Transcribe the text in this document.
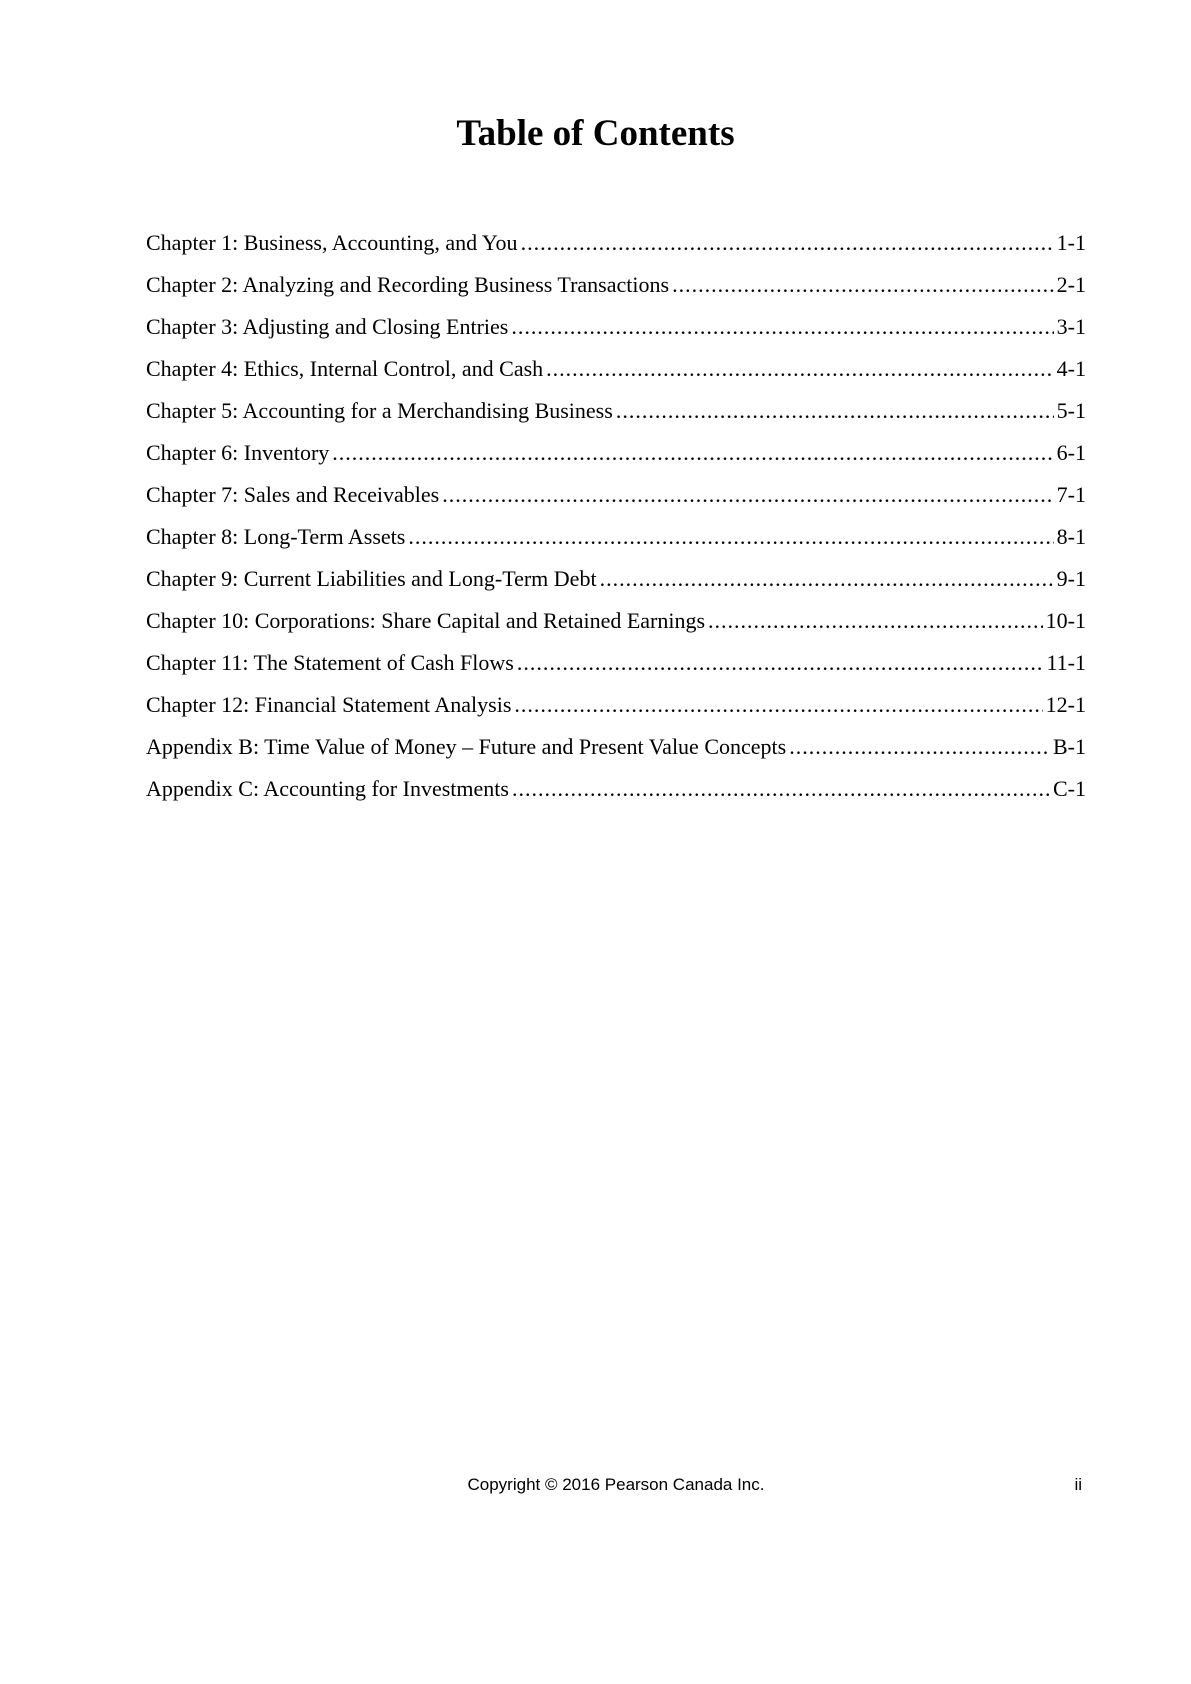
Table of Contents
Chapter 1: Business, Accounting, and You .....	1-1
Chapter 2: Analyzing and Recording Business Transactions .....	2-1
Chapter 3: Adjusting and Closing Entries .....	3-1
Chapter 4: Ethics, Internal Control, and Cash .....	4-1
Chapter 5: Accounting for a Merchandising Business .....	5-1
Chapter 6: Inventory .....	6-1
Chapter 7: Sales and Receivables .....	7-1
Chapter 8: Long-Term Assets .....	8-1
Chapter 9: Current Liabilities and Long-Term Debt .....	9-1
Chapter 10: Corporations: Share Capital and Retained Earnings .....	10-1
Chapter 11: The Statement of Cash Flows .....	11-1
Chapter 12: Financial Statement Analysis .....	12-1
Appendix B: Time Value of Money – Future and Present Value Concepts .....	B-1
Appendix C: Accounting for Investments .....	C-1
Copyright © 2016 Pearson Canada Inc.	ii
